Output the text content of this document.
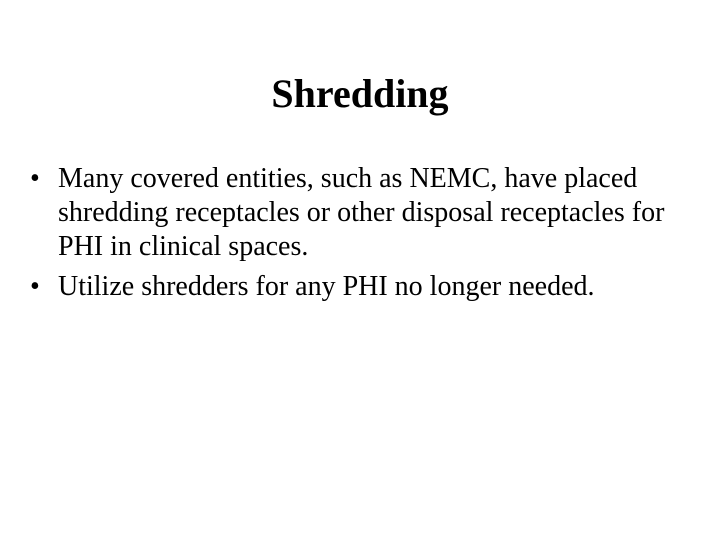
Shredding
• Many covered entities, such as NEMC, have placed shredding receptacles or other disposal receptacles for PHI in clinical spaces.
• Utilize shredders for any PHI no longer needed.
